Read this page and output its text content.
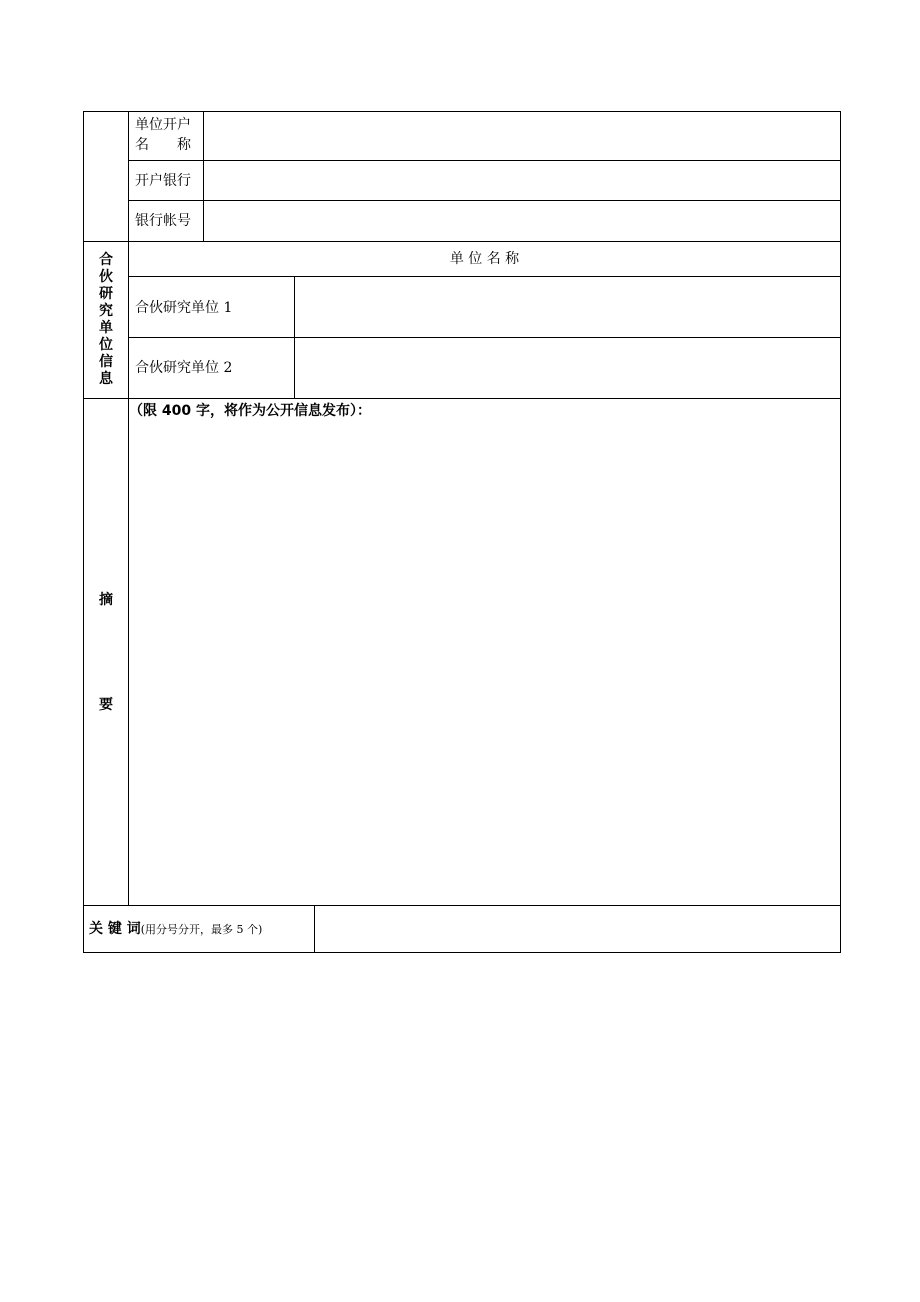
单位开户
名　　称
开户银行
银行帐号
合伙研究单位信息
单 位 名 称
合伙研究单位 1
合伙研究单位 2
摘
要
（限 400 字，将作为公开信息发布）：
关 键 词(用分号分开，最多 5 个)
